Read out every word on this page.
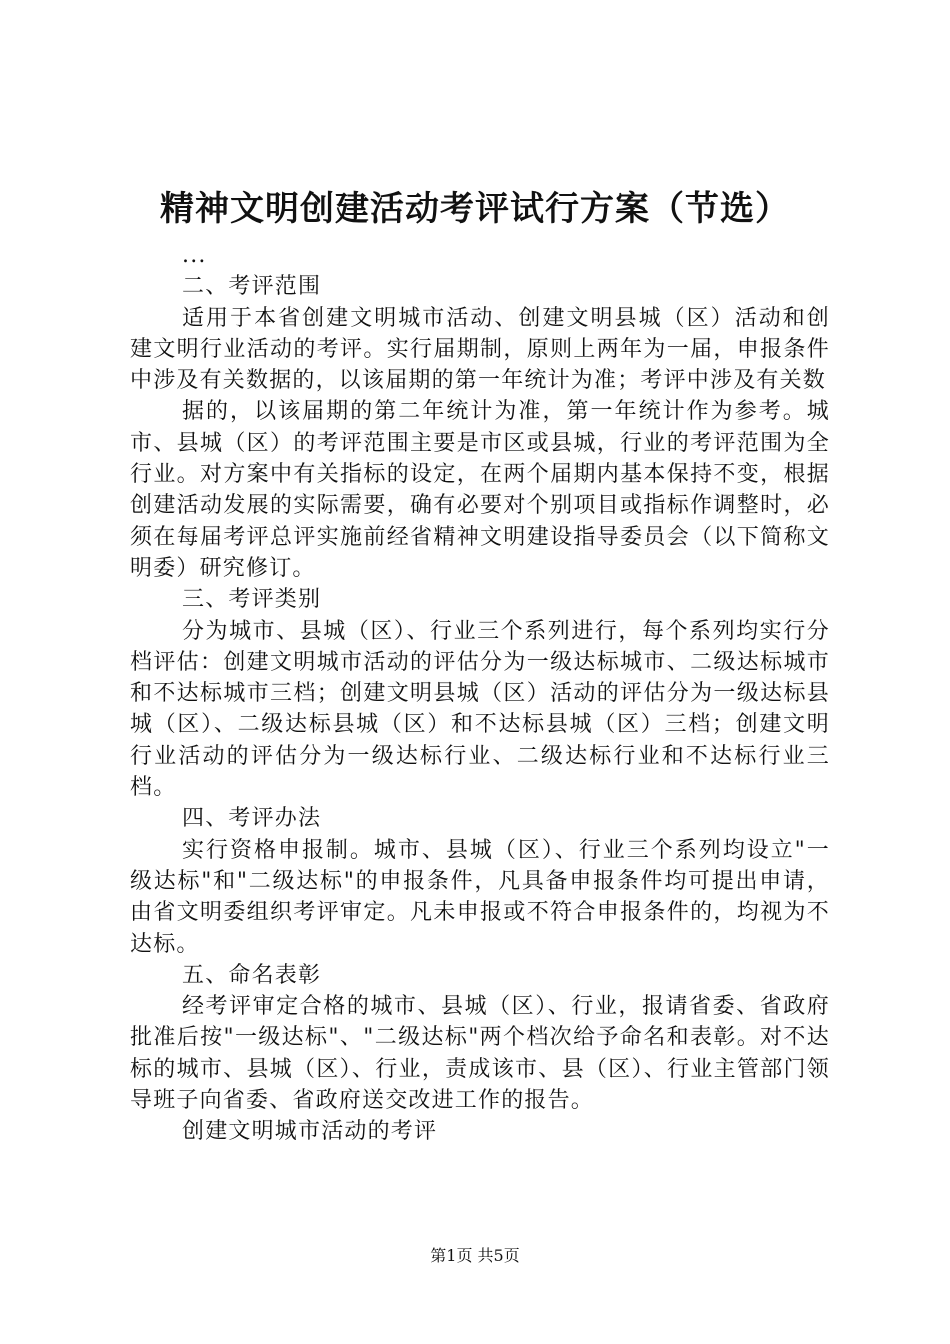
精神文明创建活动考评试行方案（节选）

...

二、考评范围

适用于本省创建文明城市活动、创建文明县城（区）活动和创建文明行业活动的考评。实行届期制，原则上两年为一届，申报条件中涉及有关数据的，以该届期的第一年统计为准；考评中涉及有关数

据的，以该届期的第二年统计为准，第一年统计作为参考。城市、县城（区）的考评范围主要是市区或县城，行业的考评范围为全行业。对方案中有关指标的设定，在两个届期内基本保持不变，根据创建活动发展的实际需要，确有必要对个别项目或指标作调整时，必须在每届考评总评实施前经省精神文明建设指导委员会（以下简称文明委）研究修订。

三、考评类别

分为城市、县城（区）、行业三个系列进行，每个系列均实行分档评估：创建文明城市活动的评估分为一级达标城市、二级达标城市和不达标城市三档；创建文明县城（区）活动的评估分为一级达标县城（区）、二级达标县城（区）和不达标县城（区）三档；创建文明行业活动的评估分为一级达标行业、二级达标行业和不达标行业三档。

四、考评办法

实行资格申报制。城市、县城（区）、行业三个系列均设立"一级达标"和"二级达标"的申报条件，凡具备申报条件均可提出申请，由省文明委组织考评审定。凡未申报或不符合申报条件的，均视为不达标。

五、命名表彰

经考评审定合格的城市、县城（区）、行业，报请省委、省政府批准后按"一级达标"、"二级达标"两个档次给予命名和表彰。对不达标的城市、县城（区）、行业，责成该市、县（区）、行业主管部门领导班子向省委、省政府送交改进工作的报告。

创建文明城市活动的考评

第1页 共5页
